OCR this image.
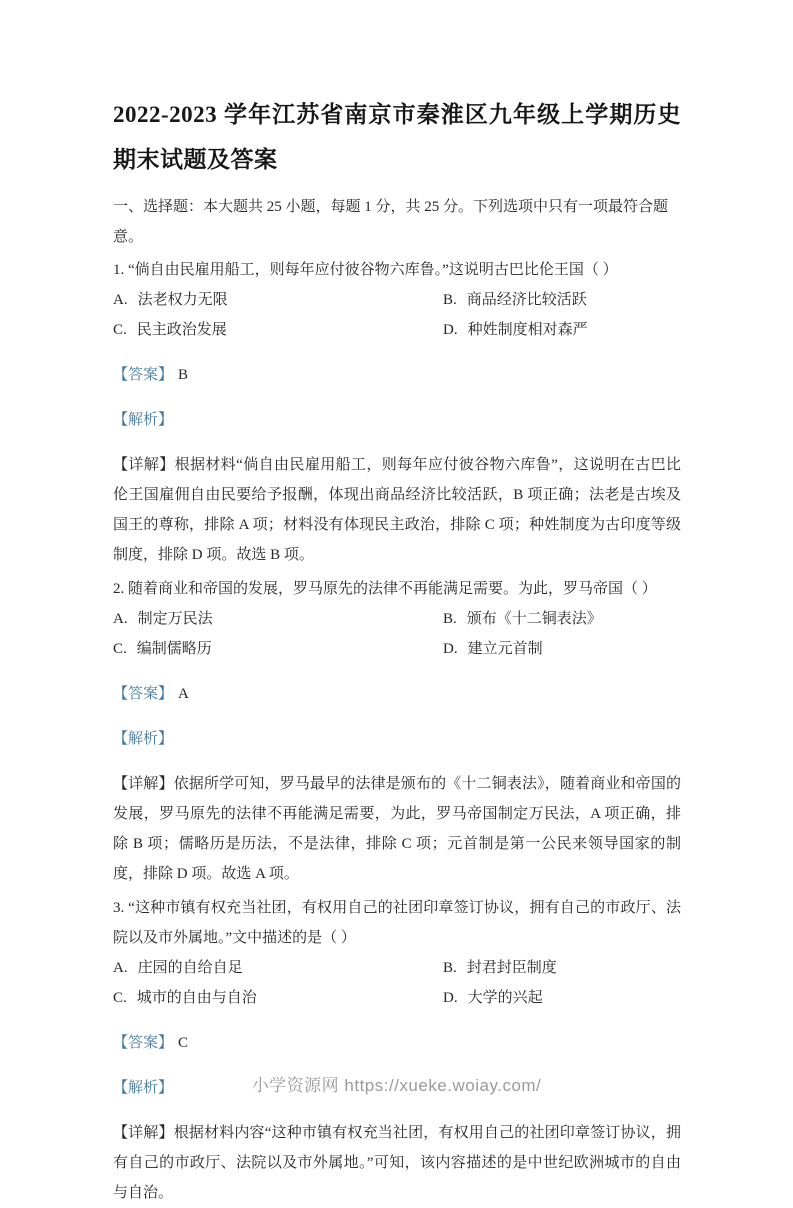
2022-2023 学年江苏省南京市秦淮区九年级上学期历史期末试题及答案

一、选择题：本大题共 25 小题，每题 1 分，共 25 分。下列选项中只有一项最符合题意。

1. “倘自由民雇用船工，则每年应付彼谷物六库鲁。”这说明古巴比伦王国（ ）

A. 法老权力无限	B. 商品经济比较活跃
C. 民主政治发展	D. 种姓制度相对森严

【答案】 B

【解析】

【详解】根据材料“倘自由民雇用船工，则每年应付彼谷物六库鲁”，这说明在古巴比伦王国雇佣自由民要给予报酬，体现出商品经济比较活跃，B 项正确；法老是古埃及国王的尊称，排除 A 项；材料没有体现民主政治，排除 C 项；种姓制度为古印度等级制度，排除 D 项。故选 B 项。

2. 随着商业和帝国的发展，罗马原先的法律不再能满足需要。为此，罗马帝国（ ）

A. 制定万民法	B. 颁布《十二铜表法》
C. 编制儒略历	D. 建立元首制

【答案】 A

【解析】

【详解】依据所学可知，罗马最早的法律是颁布的《十二铜表法》，随着商业和帝国的发展，罗马原先的法律不再能满足需要，为此，罗马帝国制定万民法，A 项正确，排除 B 项；儒略历是历法，不是法律，排除 C 项；元首制是第一公民来领导国家的制度，排除 D 项。故选 A 项。

3. “这种市镇有权充当社团，有权用自己的社团印章签订协议，拥有自己的市政厅、法院以及市外属地。”文中描述的是（ ）

A. 庄园的自给自足	B. 封君封臣制度
C. 城市的自由与自治	D. 大学的兴起

【答案】 C

【解析】

【详解】根据材料内容“这种市镇有权充当社团，有权用自己的社团印章签订协议，拥有自己的市政厅、法院以及市外属地。”可知，该内容描述的是中世纪欧洲城市的自由与自治。

小学资源网 https://xueke.woiay.com/
